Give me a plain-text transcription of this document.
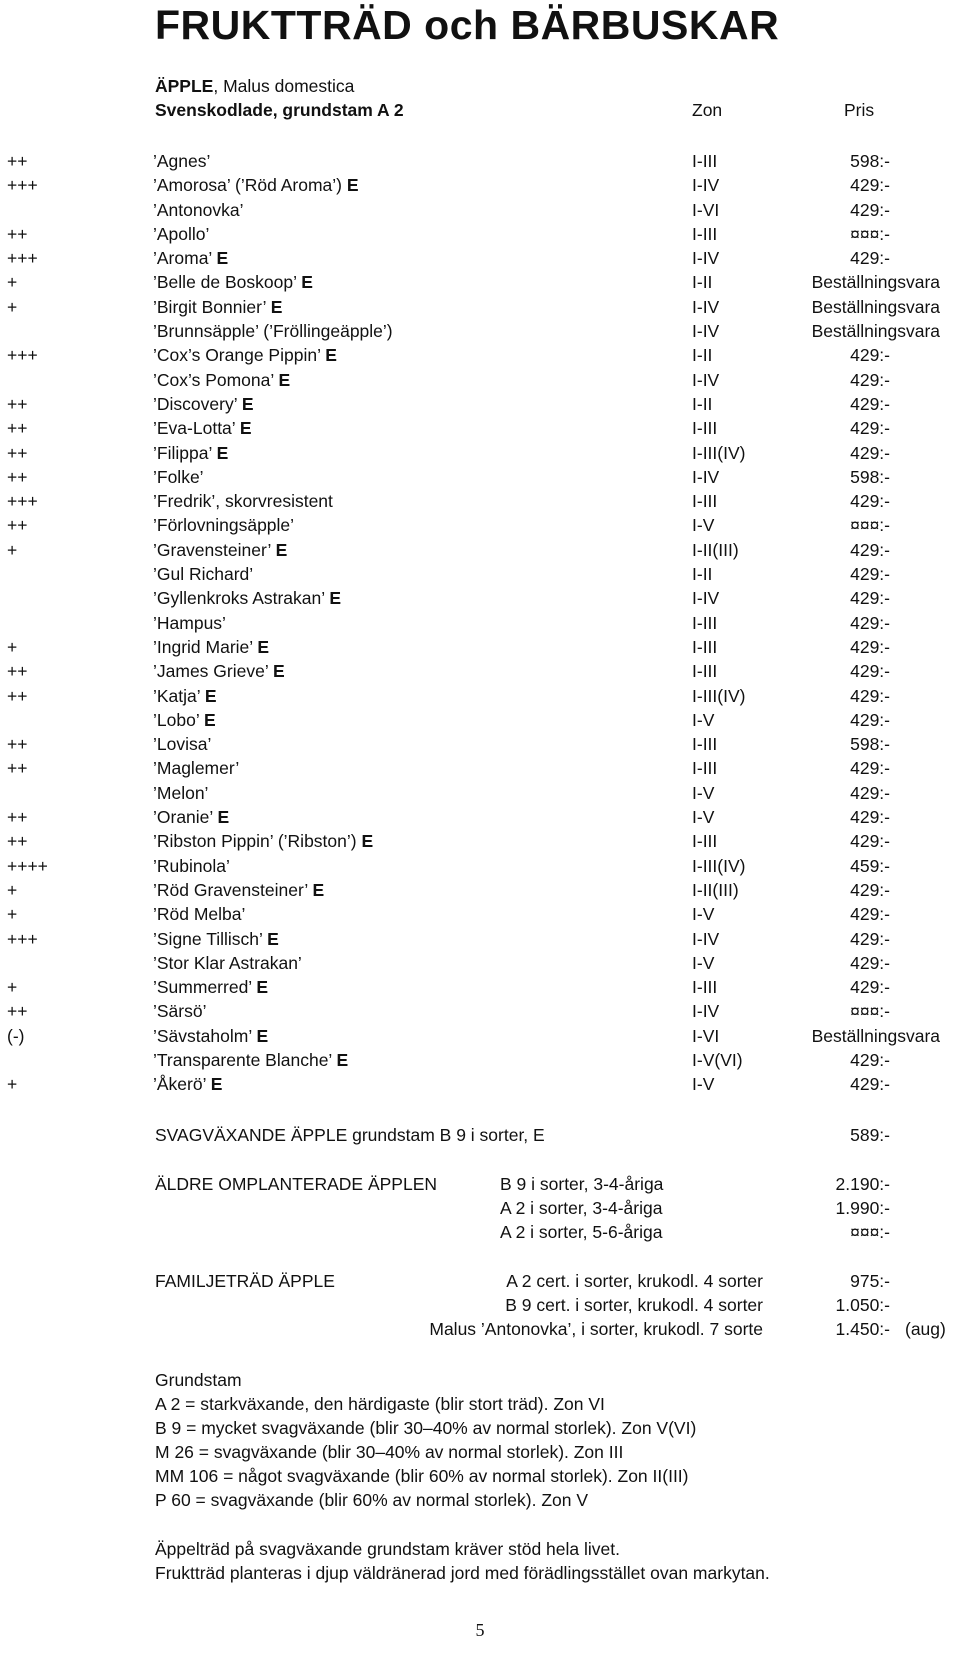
FRUKTTRÄD och BÄRBUSKAR
ÄPPLE, Malus domestica
Svenskodlade, grundstam A 2	Zon	Pris
++	’Agnes’	I-III	598:-
+++	’Amorosa’ (’Röd Aroma’) E	I-IV	429:-
’Antonovka’	I-VI	429:-
++	’Apollo’	I-III	¤¤¤:-
+++	’Aroma’ E	I-IV	429:-
+	’Belle de Boskoop’ E	I-II	Beställningsvara
+	’Birgit Bonnier’ E	I-IV	Beställningsvara
’Brunnsäpple’ (’Fröllingeäpple’)	I-IV	Beställningsvara
+++	’Cox’s Orange Pippin’ E	I-II	429:-
’Cox’s Pomona’ E	I-IV	429:-
++	’Discovery’ E	I-II	429:-
++	’Eva-Lotta’ E	I-III	429:-
++	’Filippa’ E	I-III(IV)	429:-
++	’Folke’	I-IV	598:-
+++	’Fredrik’, skorvresistent	I-III	429:-
++	’Förlovningsäpple’	I-V	¤¤¤:-
+	’Gravensteiner’ E	I-II(III)	429:-
’Gul Richard’	I-II	429:-
’Gyllenkroks Astrakan’ E	I-IV	429:-
’Hampus’	I-III	429:-
+	’Ingrid Marie’ E	I-III	429:-
++	’James Grieve’ E	I-III	429:-
++	’Katja’ E	I-III(IV)	429:-
’Lobo’ E	I-V	429:-
++	’Lovisa’	I-III	598:-
++	’Maglemer’	I-III	429:-
’Melon’	I-V	429:-
++	’Oranie’ E	I-V	429:-
++	’Ribston Pippin’ (’Ribston’) E	I-III	429:-
++++	’Rubinola’	I-III(IV)	459:-
+	’Röd Gravensteiner’ E	I-II(III)	429:-
+	’Röd Melba’	I-V	429:-
+++	’Signe Tillisch’ E	I-IV	429:-
’Stor Klar Astrakan’	I-V	429:-
+	’Summerred’ E	I-III	429:-
++	’Särsö’	I-IV	¤¤¤:-
(-)	’Sävstaholm’ E	I-VI	Beställningsvara
’Transparente Blanche’ E	I-V(VI)	429:-
+	’Åkerö’ E	I-V	429:-
SVAGVÄXANDE ÄPPLE grundstam B 9 i sorter, E	589:-
ÄLDRE OMPLANTERADE ÄPPLEN	B 9 i sorter, 3-4-åriga	2.190:-
A 2 i sorter, 3-4-åriga	1.990:-
A 2 i sorter, 5-6-åriga	¤¤¤:-
FAMILJETRÄD ÄPPLE	A 2 cert. i sorter, krukodl. 4 sorter	975:-
B 9 cert. i sorter, krukodl. 4 sorter	1.050:-
Malus ’Antonovka’, i sorter, krukodl. 7 sorte	1.450:- (aug)
Grundstam
A 2 = starkväxande, den härdigaste (blir stort träd). Zon VI
B 9 = mycket svagväxande (blir 30–40% av normal storlek). Zon V(VI)
M 26 = svagväxande (blir 30–40% av normal storlek). Zon III
MM 106 = något svagväxande (blir 60% av normal storlek). Zon II(III)
P 60 = svagväxande (blir 60% av normal storlek). Zon V
Äppelträd på svagväxande grundstam kräver stöd hela livet.
Fruktträd planteras i djup väldränerad jord med förädlingsstället ovan markytan.
5
